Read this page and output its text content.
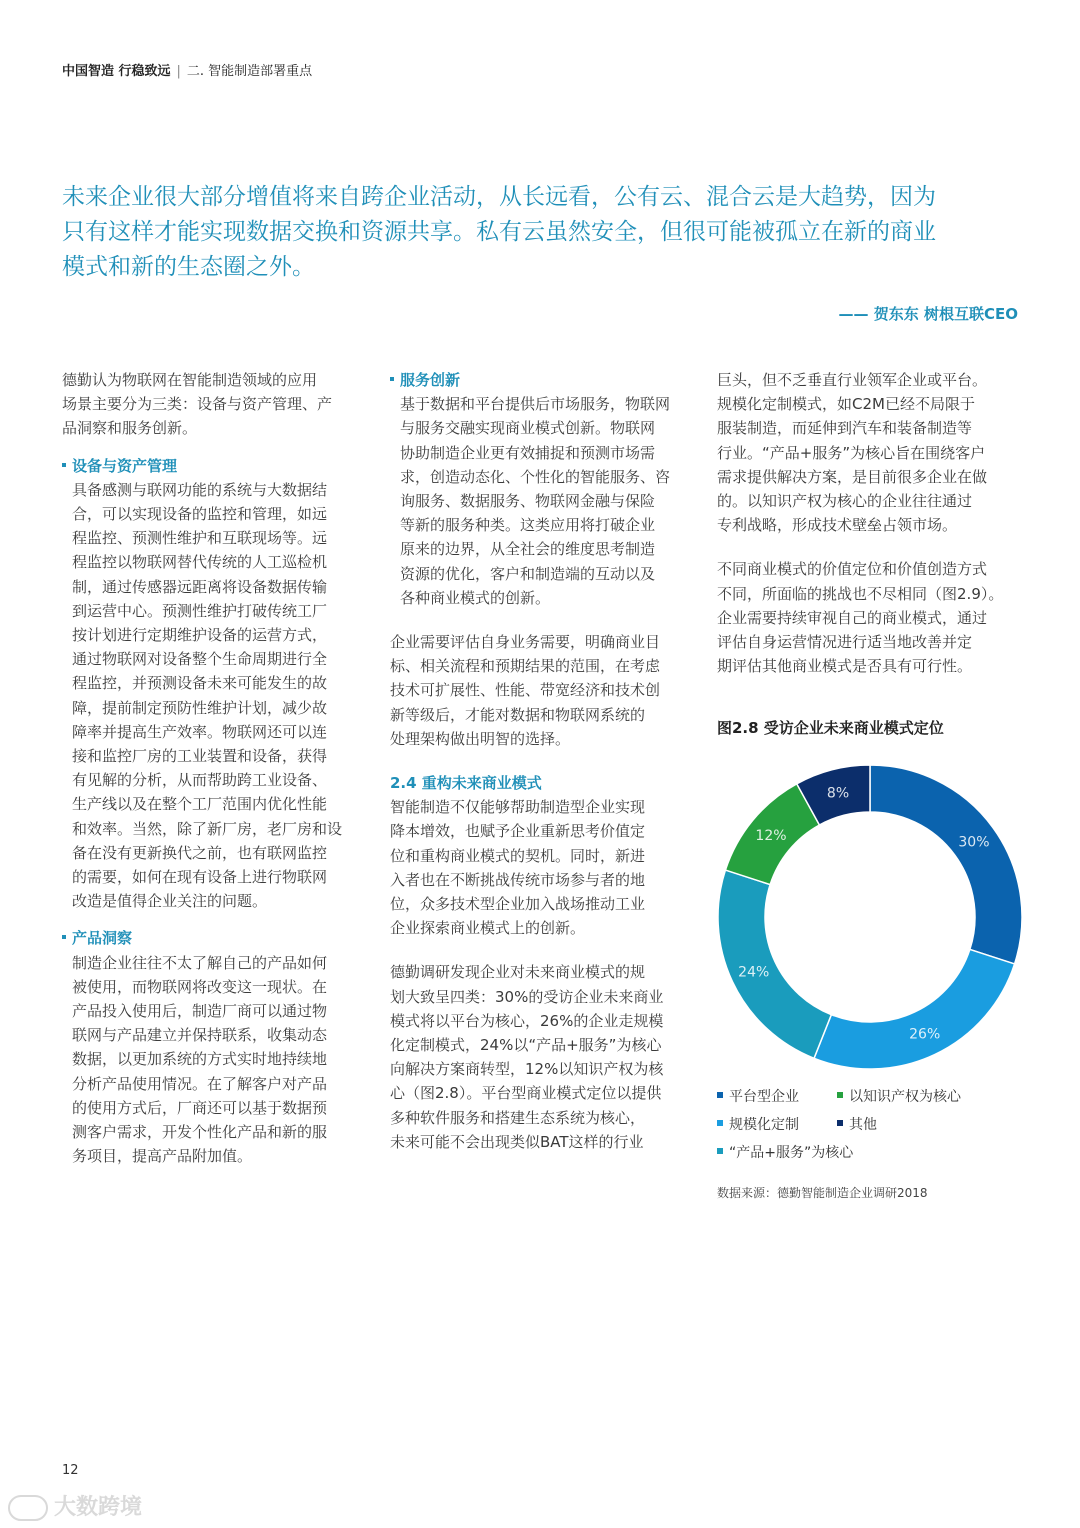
中国智造 行稳致远 | 二. 智能制造部署重点

未来企业很大部分增值将来自跨企业活动，从长远看，公有云、混合云是大趋势，因为

只有这样才能实现数据交换和资源共享。私有云虽然安全，但很可能被孤立在新的商业

模式和新的生态圈之外。

—— 贺东东 树根互联CEO

德勤认为物联网在智能制造领域的应用

场景主要分为三类：设备与资产管理、产

品洞察和服务创新。

设备与资产管理

具备感测与联网功能的系统与大数据结

合，可以实现设备的监控和管理，如远

程监控、预测性维护和互联现场等。远

程监控以物联网替代传统的人工巡检机

制，通过传感器远距离将设备数据传输

到运营中心。预测性维护打破传统工厂

按计划进行定期维护设备的运营方式，

通过物联网对设备整个生命周期进行全

程监控，并预测设备未来可能发生的故

障，提前制定预防性维护计划，减少故

障率并提高生产效率。物联网还可以连

接和监控厂房的工业装置和设备，获得

有见解的分析，从而帮助跨工业设备、

生产线以及在整个工厂范围内优化性能

和效率。当然，除了新厂房，老厂房和设

备在没有更新换代之前，也有联网监控

的需要，如何在现有设备上进行物联网

改造是值得企业关注的问题。

产品洞察

制造企业往往不太了解自己的产品如何

被使用，而物联网将改变这一现状。在

产品投入使用后，制造厂商可以通过物

联网与产品建立并保持联系，收集动态

数据，以更加系统的方式实时地持续地

分析产品使用情况。在了解客户对产品

的使用方式后，厂商还可以基于数据预

测客户需求，开发个性化产品和新的服

务项目，提高产品附加值。

服务创新

基于数据和平台提供后市场服务，物联网

与服务交融实现商业模式创新。物联网

协助制造企业更有效捕捉和预测市场需

求，创造动态化、个性化的智能服务、咨

询服务、数据服务、物联网金融与保险

等新的服务种类。这类应用将打破企业

原来的边界，从全社会的维度思考制造

资源的优化，客户和制造端的互动以及

各种商业模式的创新。

企业需要评估自身业务需要，明确商业目

标、相关流程和预期结果的范围，在考虑

技术可扩展性、性能、带宽经济和技术创

新等级后，才能对数据和物联网系统的

处理架构做出明智的选择。

2.4 重构未来商业模式

智能制造不仅能够帮助制造型企业实现

降本增效，也赋予企业重新思考价值定

位和重构商业模式的契机。同时，新进

入者也在不断挑战传统市场参与者的地

位，众多技术型企业加入战场推动工业

企业探索商业模式上的创新。

德勤调研发现企业对未来商业模式的规

划大致呈四类：30%的受访企业未来商业

模式将以平台为核心，26%的企业走规模

化定制模式，24%以“产品+服务”为核心

向解决方案商转型，12%以知识产权为核

心（图2.8）。平台型商业模式定位以提供

多种软件服务和搭建生态系统为核心，

未来可能不会出现类似BAT这样的行业

巨头，但不乏垂直行业领军企业或平台。

规模化定制模式，如C2M已经不局限于

服装制造，而延伸到汽车和装备制造等

行业。“产品+服务”为核心旨在围绕客户

需求提供解决方案，是目前很多企业在做

的。以知识产权为核心的企业往往通过

专利战略，形成技术壁垒占领市场。

不同商业模式的价值定位和价值创造方式

不同，所面临的挑战也不尽相同（图2.9）。

企业需要持续审视自己的商业模式，通过

评估自身运营情况进行适当地改善并定

期评估其他商业模式是否具有可行性。

图2.8 受访企业未来商业模式定位
30%
26%
24%
12%
8%
平台型企业	以知识产权为核心
规模化定制	其他
“产品+服务”为核心
数据来源：德勤智能制造企业调研2018
12
大数跨境
